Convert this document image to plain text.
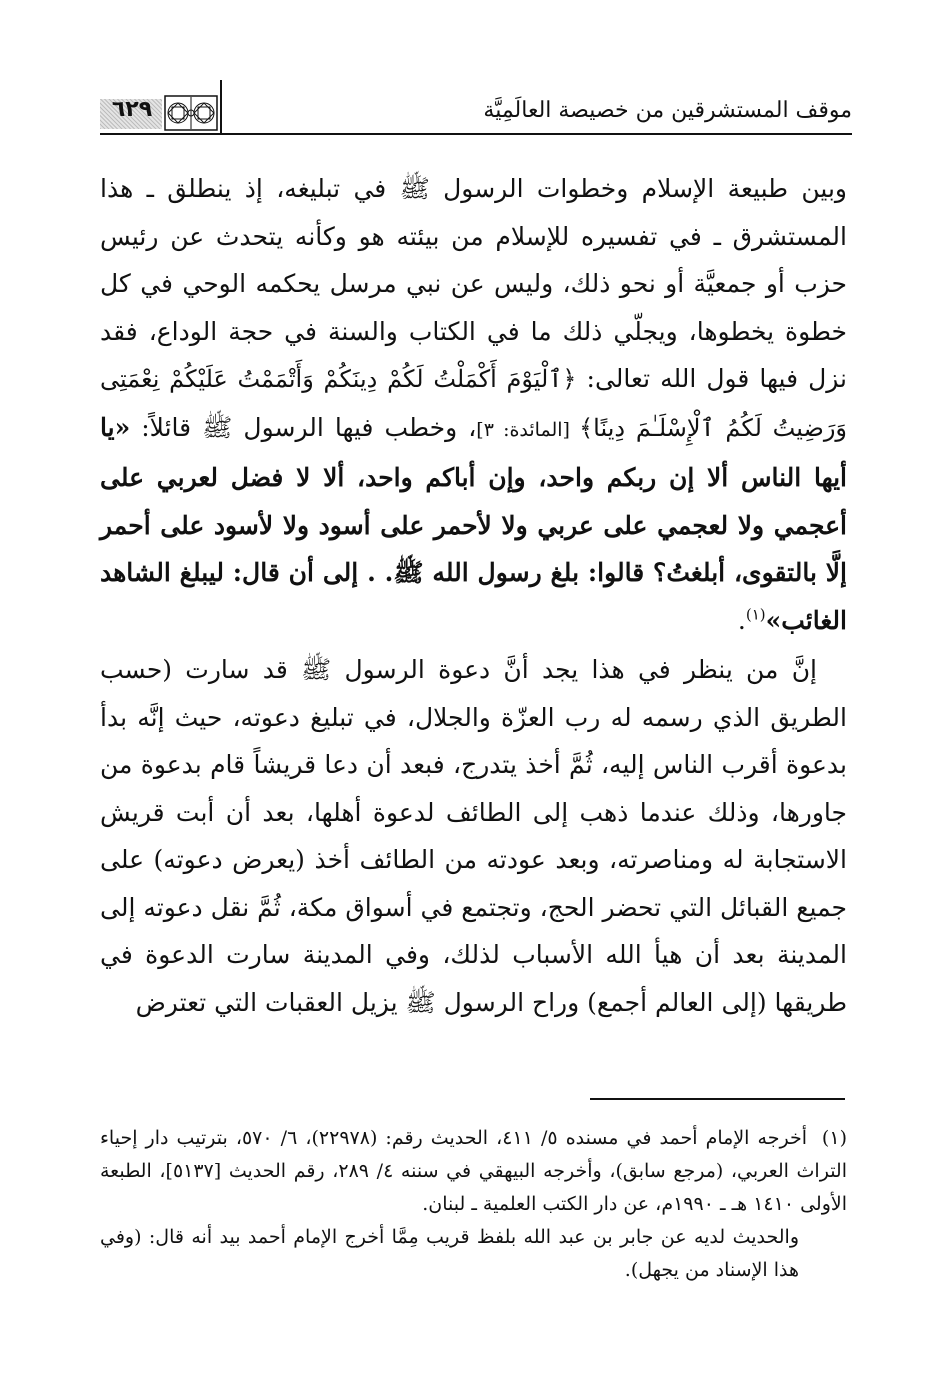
موقف المستشرقين من خصيصة العالَمِيَّة
٦٢٩

وبين طبيعة الإسلام وخطوات الرسول ﷺ في تبليغه، إذ ينطلق ـ هذا المستشرق ـ في تفسيره للإسلام من بيئته هو وكأنه يتحدث عن رئيس حزب أو جمعيَّة أو نحو ذلك، وليس عن نبي مرسل يحكمه الوحي في كل خطوة يخطوها، ويجلّي ذلك ما في الكتاب والسنة في حجة الوداع، فقد نزل فيها قول الله تعالى: ﴿ٱلْيَوْمَ أَكْمَلْتُ لَكُمْ دِينَكُمْ وَأَتْمَمْتُ عَلَيْكُمْ نِعْمَتِى وَرَضِيتُ لَكُمُ ٱلْإِسْلَـٰمَ دِينًا﴾ [المائدة: ٣]، وخطب فيها الرسول ﷺ قائلاً: «يا أيها الناس ألا إن ربكم واحد، وإن أباكم واحد، ألا لا فضل لعربي على أعجمي ولا لعجمي على عربي ولا لأحمر على أسود ولا لأسود على أحمر إلَّا بالتقوى، أبلغتُ؟ قالوا: بلغ رسول الله ﷺ. . إلى أن قال: ليبلغ الشاهد الغائب»$^{(١)}$.

إنَّ من ينظر في هذا يجد أنَّ دعوة الرسول ﷺ قد سارت (حسب الطريق الذي رسمه له رب العزّة والجلال، في تبليغ دعوته، حيث إنَّه بدأ بدعوة أقرب الناس إليه، ثُمَّ أخذ يتدرج، فبعد أن دعا قريشاً قام بدعوة من جاورها، وذلك عندما ذهب إلى الطائف لدعوة أهلها، بعد أن أبت قريش الاستجابة له ومناصرته، وبعد عودته من الطائف أخذ (يعرض دعوته) على جميع القبائل التي تحضر الحج، وتجتمع في أسواق مكة، ثُمَّ نقل دعوته إلى المدينة بعد أن هيأ الله الأسباب لذلك، وفي المدينة سارت الدعوة في طريقها (إلى العالم أجمع) وراح الرسول ﷺ يزيل العقبات التي تعترض

(١)أخرجه الإمام أحمد في مسنده ٥/ ٤١١، الحديث رقم: (٢٢٩٧٨)، ٦/ ٥٧٠، بترتيب دار إحياء التراث العربي، (مرجع سابق)، وأخرجه البيهقي في سننه ٤/ ٢٨٩، رقم الحديث [٥١٣٧]، الطبعة الأولى ١٤١٠ هـ ـ ١٩٩٠م، عن دار الكتب العلمية ـ لبنان.

والحديث لديه عن جابر بن عبد الله بلفظ قريب مِمَّا أخرج الإمام أحمد بيد أنه قال: (وفي هذا الإسناد من يجهل).
